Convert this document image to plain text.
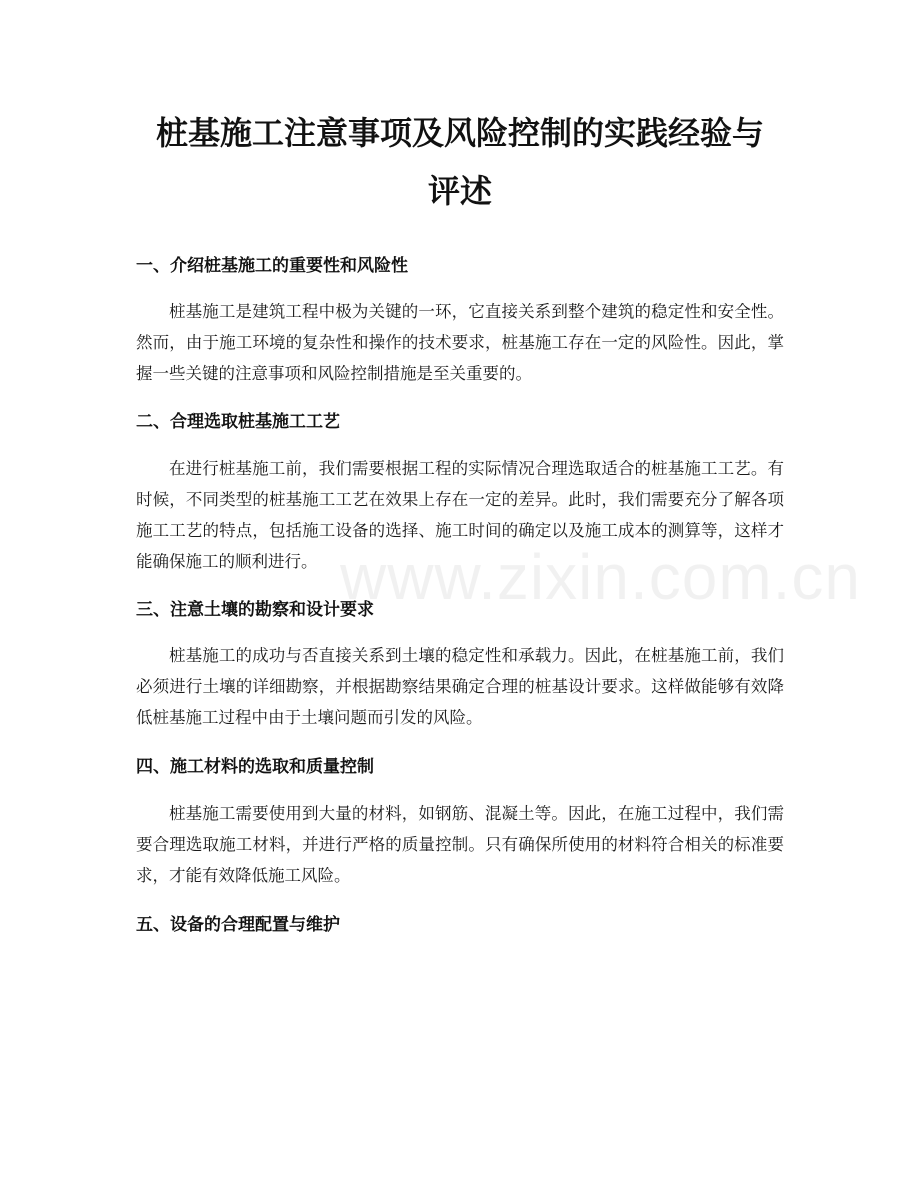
桩基施工注意事项及风险控制的实践经验与
评述
一、介绍桩基施工的重要性和风险性

桩基施工是建筑工程中极为关键的一环，它直接关系到整个建筑的稳定性和安全性。然而，由于施工环境的复杂性和操作的技术要求，桩基施工存在一定的风险性。因此，掌握一些关键的注意事项和风险控制措施是至关重要的。

二、合理选取桩基施工工艺

在进行桩基施工前，我们需要根据工程的实际情况合理选取适合的桩基施工工艺。有时候，不同类型的桩基施工工艺在效果上存在一定的差异。此时，我们需要充分了解各项施工工艺的特点，包括施工设备的选择、施工时间的确定以及施工成本的测算等，这样才能确保施工的顺利进行。

三、注意土壤的勘察和设计要求

桩基施工的成功与否直接关系到土壤的稳定性和承载力。因此，在桩基施工前，我们必须进行土壤的详细勘察，并根据勘察结果确定合理的桩基设计要求。这样做能够有效降低桩基施工过程中由于土壤问题而引发的风险。

四、施工材料的选取和质量控制

桩基施工需要使用到大量的材料，如钢筋、混凝土等。因此，在施工过程中，我们需要合理选取施工材料，并进行严格的质量控制。只有确保所使用的材料符合相关的标准要求，才能有效降低施工风险。

五、设备的合理配置与维护
www.zixin.com.cn
